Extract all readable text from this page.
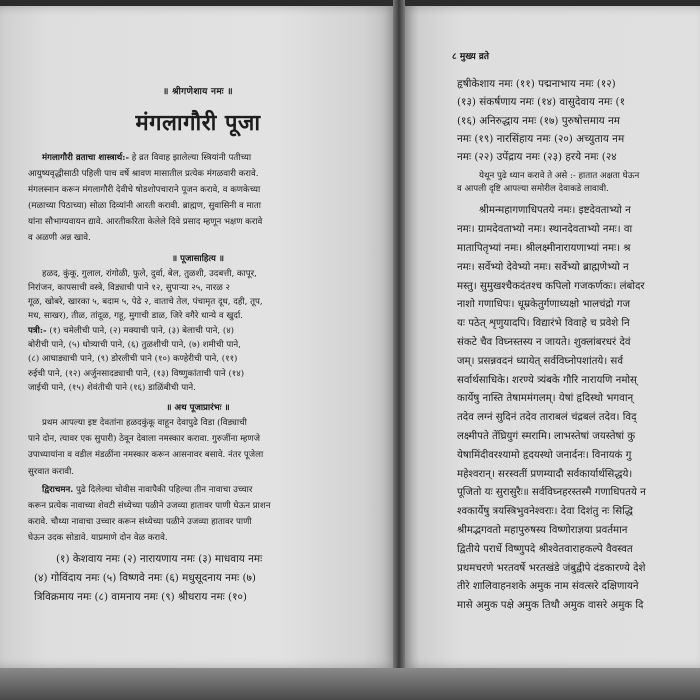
॥ श्रीगणेशाय नमः ॥
मंगलागौरी पूजा
मंगलागौरी व्रताचा शास्त्रार्थ:- हे व्रत विवाह झालेल्या स्त्रियांनी पतीच्या
आयुष्यवृद्धीसाठी पहिली पाच वर्षे श्रावण मासातील प्रत्येक मंगळवारी करावे.
मंगलस्नान करून मंगलागौरी देवीचे षोडशोपचाराने पूजन करावे, व कणकेच्या
(मळाच्या पिठाच्या) सोळा दिव्यांनी आरती करावी. ब्राह्मण, सुवासिनी व माता
यांना सौभाग्यवायन द्यावे. आरतीकरिता केलेले दिवे प्रसाद म्हणून भक्षण करावे
व अळणी अन्न खावे.
॥ पूजासाहित्य ॥
हळद, कुंकू, गुलाल, रांगोळी, फुले, दुर्वा, बेल, तुळशी, उदबत्ती, कापूर,
निरांजन, कापसाची वस्त्रे, विड्याची पाने १२, सुपाऱ्या २५, नारळ २
गूळ, खोबरे, खारका ५, बदाम ५, पेढे २, वाताचे तेल, पंचामृत दूध, दही, तूप,
मध, साखर), तीळ, तांदूळ, गहू, मुगाची डाळ, जिरे वगैरे धान्ये व खुर्दा.
पत्री:- (१) चमेलीची पाने, (२) मक्याची पाने, (३) बेलाची पाने, (४)
बोरीची पाने, (५) धोत्र्याची पाने, (६) तुळशीची पाने, (७) शमीची पाने,
(८) आघाड्याची पाने, (९) डोरलीची पाने (१०) कण्हेरीची पाने, (११)
रुईची पाने, (१२) अर्जुनसादड्याची पाने, (१३) विष्णुकांताची पाने (१४)
जाईची पाने, (१५) शेवंतीची पाने (१६) डाळिंबीची पाने.
॥ अथ पूजाप्रारंभः ॥
प्रथम आपल्या इष्ट देवतांना हळदकुंकू वाहून देवापुढे विडा (विड्याची
पाने दोन, त्यावर एक सुपारी) ठेवून देवाला नमस्कार करावा. गुरुजींना म्हणजे
उपाध्यायांना व वडील मंडळींना नमस्कार करून आसनावर बसावे. नंतर पूजेला
सुरवात करावी.
द्विराचमन. पुढे दिलेल्या चोवीस नावापैकी पहिल्या तीन नावाचा उच्चार
करून प्रत्येक नावाच्या शेवटी संध्येच्या पळीने उजव्या हातावर पाणी घेऊन प्राशन
करावे. चौथ्या नावाचा उच्चार करून संध्येच्या पळीने उजव्या हातावर पाणी
घेऊन उदक सोडावे. याप्रमाणे दोन वेळ करावे.
(१) केशवाय नमः (२) नारायणाय नमः (३) माधवाय नमः
(४) गोविंदाय नमः (५) विष्णवे नमः (६) मधुसूदनाय नमः (७)
त्रिविक्रमाय नमः (८) वामनाय नमः (९) श्रीधराय नमः (१०)
८ मुख्य व्रते
हृषीकेशाय नमः (११) पद्मनाभाय नमः (१२)
(१३) संकर्षणाय नमः (१४) वासुदेवाय नमः (१
(१६) अनिरुद्धाय नमः (१७) पुरुषोत्तमाय नम
नमः (१९) नारसिंहाय नमः (२०) अच्युताय नम
नमः (२२) उपेंद्राय नमः (२३) हरये नमः (२४
येथून पुढे ध्यान करावे ते असे :- हातात अक्षता घेऊन
व आपली दृष्टि आपल्या समोरील देवाकडे लावावी.
श्रीमन्महागणाधिपतये नमः। इष्टदेवताभ्यो न
नमः। ग्रामदेवताभ्यो नमः। स्थानदेवताभ्यो नमः। वा
मातापितृभ्यां नमः। श्रीलक्ष्मीनारायणाभ्यां नमः। श्र
नमः। सर्वेभ्यो देवेभ्यो नमः। सर्वेभ्यो ब्राह्मणेभ्यो न
मस्तु। सुमुखश्चैकदंतश्च कपिलो गजकर्णकः। लंबोदर
नाशो गणाधिपः। धूम्रकेतुर्गणाध्यक्षो भालचंद्रो गज
यः पठेत् शृणुयादपि। विद्यारंभे विवाहे च प्रवेशे नि
संकटे चैव विघ्नस्तस्य न जायते। शुक्लांबरधरं देवं
जम्। प्रसन्नवदनं ध्यायेत् सर्वविघ्नोपशांतये। सर्व
सर्वार्थसाधिके। शरण्ये त्र्यंबके गौरि नारायणि नमोस्
कार्येषु नास्ति तेषाममंगलम्। येषां हृदिस्थो भगवान्
तदेव लग्नं सुदिनं तदेव ताराबलं चंद्रबलं तदेव। विद्
लक्ष्मीपते तेंघ्रियुगं स्मरामि। लाभस्तेषां जयस्तेषां कु
येषामिंदीवरश्यामो हृदयस्थो जनार्दनः। विनायकं गु
महेश्वरान्। सरस्वतीं प्रणम्यादौ सर्वकार्यार्थसिद्धये।
पूजितो यः सुरासुरैः॥ सर्वविघ्नहरस्तस्मै गणाधिपतये न
श्वकार्येषु त्रयस्त्रिभुवनेश्वराः। देवा दिशंतु नः सिद्धि
श्रीमद्भगवतो महापुरुषस्य विष्णोराज्ञया प्रवर्तमान
द्वितीये परार्धे विष्णुपदे श्रीश्वेतवाराहकल्पे वैवस्वत
प्रथमचरणे भरतवर्षे भरतखंडे जंबुद्वीपे दंडकारण्ये देशे
तीरे शालिवाहनशके अमुक नाम संवत्सरे दक्षिणायने
मासे अमुक पक्षे अमुक तिथौ अमुक वासरे अमुक दि
